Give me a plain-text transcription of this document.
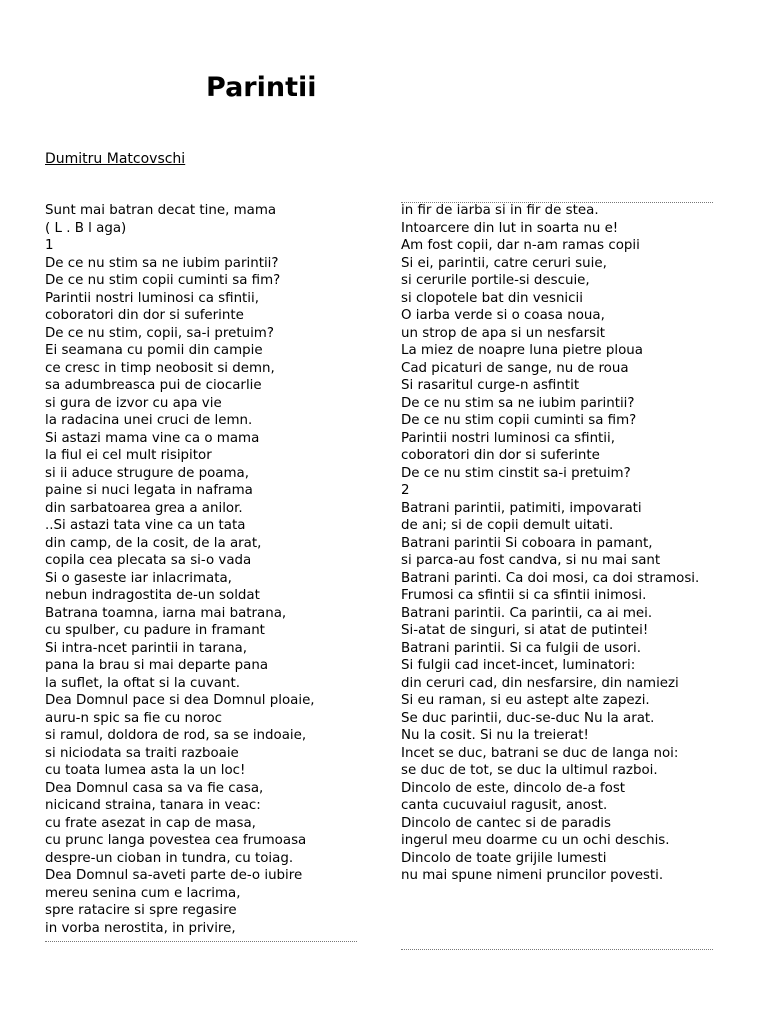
Parintii
Dumitru Matcovschi
Sunt mai batran decat tine, mama
( L . B l aga)
1
De ce nu stim sa ne iubim parintii?
De ce nu stim copii cuminti sa fim?
Parintii nostri luminosi ca sfintii,
coboratori din dor si suferinte
De ce nu stim, copii, sa-i pretuim?
Ei seamana cu pomii din campie
ce cresc in timp neobosit si demn,
sa adumbreasca pui de ciocarlie
si gura de izvor cu apa vie
la radacina unei cruci de lemn.
Si astazi mama vine ca o mama
la fiul ei cel mult risipitor
si ii aduce strugure de poama,
paine si nuci legata in naframa
din sarbatoarea grea a anilor.
..Si astazi tata vine ca un tata
din camp, de la cosit, de la arat,
copila cea plecata sa si-o vada
Si o gaseste iar inlacrimata,
nebun indragostita de-un soldat
Batrana toamna, iarna mai batrana,
cu spulber, cu padure in framant
Si intra-ncet parintii in tarana,
pana la brau si mai departe pana
la suflet, la oftat si la cuvant.
Dea Domnul pace si dea Domnul ploaie,
auru-n spic sa fie cu noroc
si ramul, doldora de rod, sa se indoaie,
si niciodata sa traiti razboaie
cu toata lumea asta la un loc!
Dea Domnul casa sa va fie casa,
nicicand straina, tanara in veac:
cu frate asezat in cap de masa,
cu prunc langa povestea cea frumoasa
despre-un cioban in tundra, cu toiag.
Dea Domnul sa-aveti parte de-o iubire
mereu senina cum e lacrima,
spre ratacire si spre regasire
in vorba nerostita, in privire,
in fir de iarba si in fir de stea.
Intoarcere din lut in soarta nu e!
Am fost copii, dar n-am ramas copii
Si ei, parintii, catre ceruri suie,
si cerurile portile-si descuie,
si clopotele bat din vesnicii
O iarba verde si o coasa noua,
un strop de apa si un nesfarsit
La miez de noapre luna pietre ploua
Cad picaturi de sange, nu de roua
Si rasaritul curge-n asfintit
De ce nu stim sa ne iubim parintii?
De ce nu stim copii cuminti sa fim?
Parintii nostri luminosi ca sfintii,
coboratori din dor si suferinte
De ce nu stim cinstit sa-i pretuim?
2
Batrani parintii, patimiti, impovarati
de ani; si de copii demult uitati.
Batrani parintii Si coboara in pamant,
si parca-au fost candva, si nu mai sant
Batrani parinti. Ca doi mosi, ca doi stramosi.
Frumosi ca sfintii si ca sfintii inimosi.
Batrani parintii. Ca parintii, ca ai mei.
Si-atat de singuri, si atat de putintei!
Batrani parintii. Si ca fulgii de usori.
Si fulgii cad incet-incet, luminatori:
din ceruri cad, din nesfarsire, din namiezi
Si eu raman, si eu astept alte zapezi.
Se duc parintii, duc-se-duc Nu la arat.
Nu la cosit. Si nu la treierat!
Incet se duc, batrani se duc de langa noi:
se duc de tot, se duc la ultimul razboi.
Dincolo de este, dincolo de-a fost
canta cucuvaiul ragusit, anost.
Dincolo de cantec si de paradis
ingerul meu doarme cu un ochi deschis.
Dincolo de toate grijile lumesti
nu mai spune nimeni pruncilor povesti.
